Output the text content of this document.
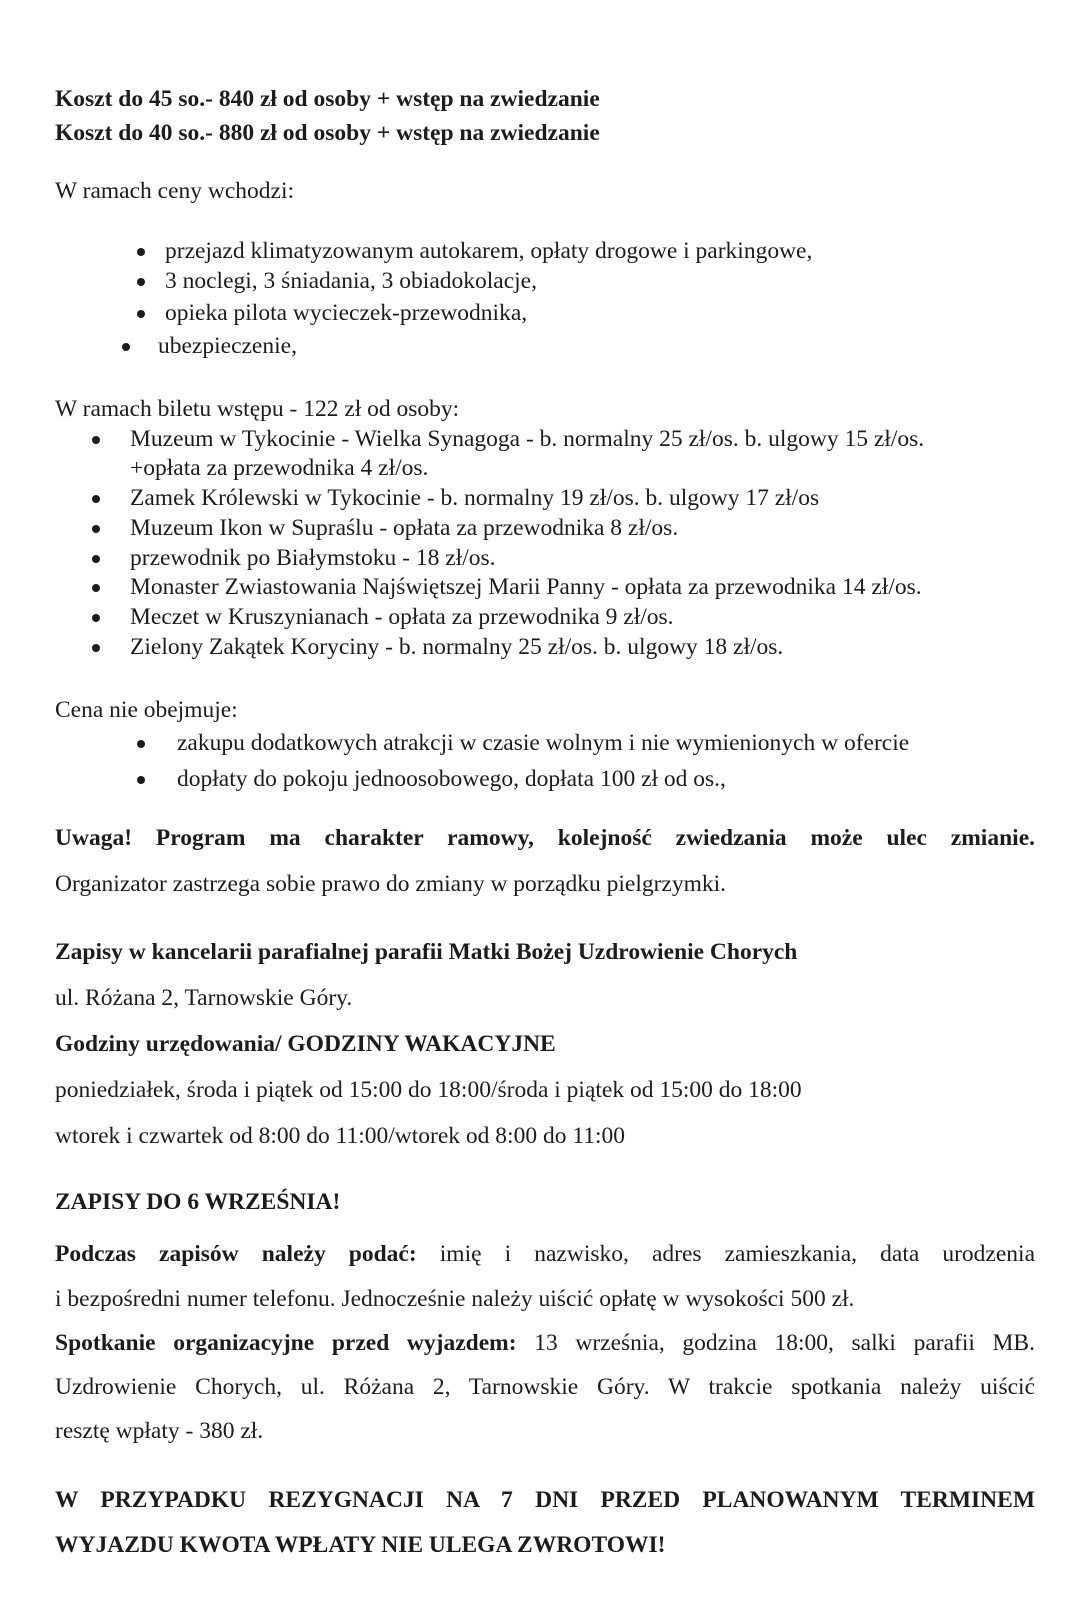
Koszt do 45 so.- 840 zł od osoby + wstęp na zwiedzanie
Koszt do 40 so.- 880 zł od osoby + wstęp na zwiedzanie
W ramach ceny wchodzi:
przejazd klimatyzowanym autokarem, opłaty drogowe i parkingowe,
3 noclegi, 3 śniadania, 3 obiadokolacje,
opieka pilota wycieczek-przewodnika,
ubezpieczenie,
W ramach biletu wstępu - 122 zł od osoby:
Muzeum w Tykocinie - Wielka Synagoga - b. normalny 25 zł/os. b. ulgowy 15 zł/os.
+opłata za przewodnika 4 zł/os.
Zamek Królewski w Tykocinie - b. normalny 19 zł/os. b. ulgowy 17 zł/os
Muzeum Ikon w Supraślu - opłata za przewodnika 8 zł/os.
przewodnik po Białymstoku - 18 zł/os.
Monaster Zwiastowania Najświętszej Marii Panny - opłata za przewodnika 14 zł/os.
Meczet w Kruszynianach - opłata za przewodnika 9 zł/os.
Zielony Zakątek Koryciny - b. normalny 25 zł/os. b. ulgowy 18 zł/os.
Cena nie obejmuje:
zakupu dodatkowych atrakcji w czasie wolnym i nie wymienionych w ofercie
dopłaty do pokoju jednoosobowego, dopłata 100 zł od os.,
Uwaga! Program ma charakter ramowy, kolejność zwiedzania może ulec zmianie.
Organizator zastrzega sobie prawo do zmiany w porządku pielgrzymki.
Zapisy w kancelarii parafialnej parafii Matki Bożej Uzdrowienie Chorych
ul. Różana 2, Tarnowskie Góry.
Godziny urzędowania/ GODZINY WAKACYJNE
poniedziałek, środa i piątek od 15:00 do 18:00/środa i piątek od 15:00 do 18:00
wtorek i czwartek od 8:00 do 11:00/wtorek od 8:00 do 11:00
ZAPISY DO 6 WRZEŚNIA!
Podczas zapisów należy podać: imię i nazwisko, adres zamieszkania, data urodzenia
i bezpośredni numer telefonu. Jednocześnie należy uiścić opłatę w wysokości 500 zł.
Spotkanie organizacyjne przed wyjazdem: 13 września, godzina 18:00, salki parafii MB.
Uzdrowienie Chorych, ul. Różana 2, Tarnowskie Góry. W trakcie spotkania należy uiścić
resztę wpłaty - 380 zł.
W PRZYPADKU REZYGNACJI NA 7 DNI PRZED PLANOWANYM TERMINEM
WYJAZDU KWOTA WPŁATY NIE ULEGA ZWROTOWI!
